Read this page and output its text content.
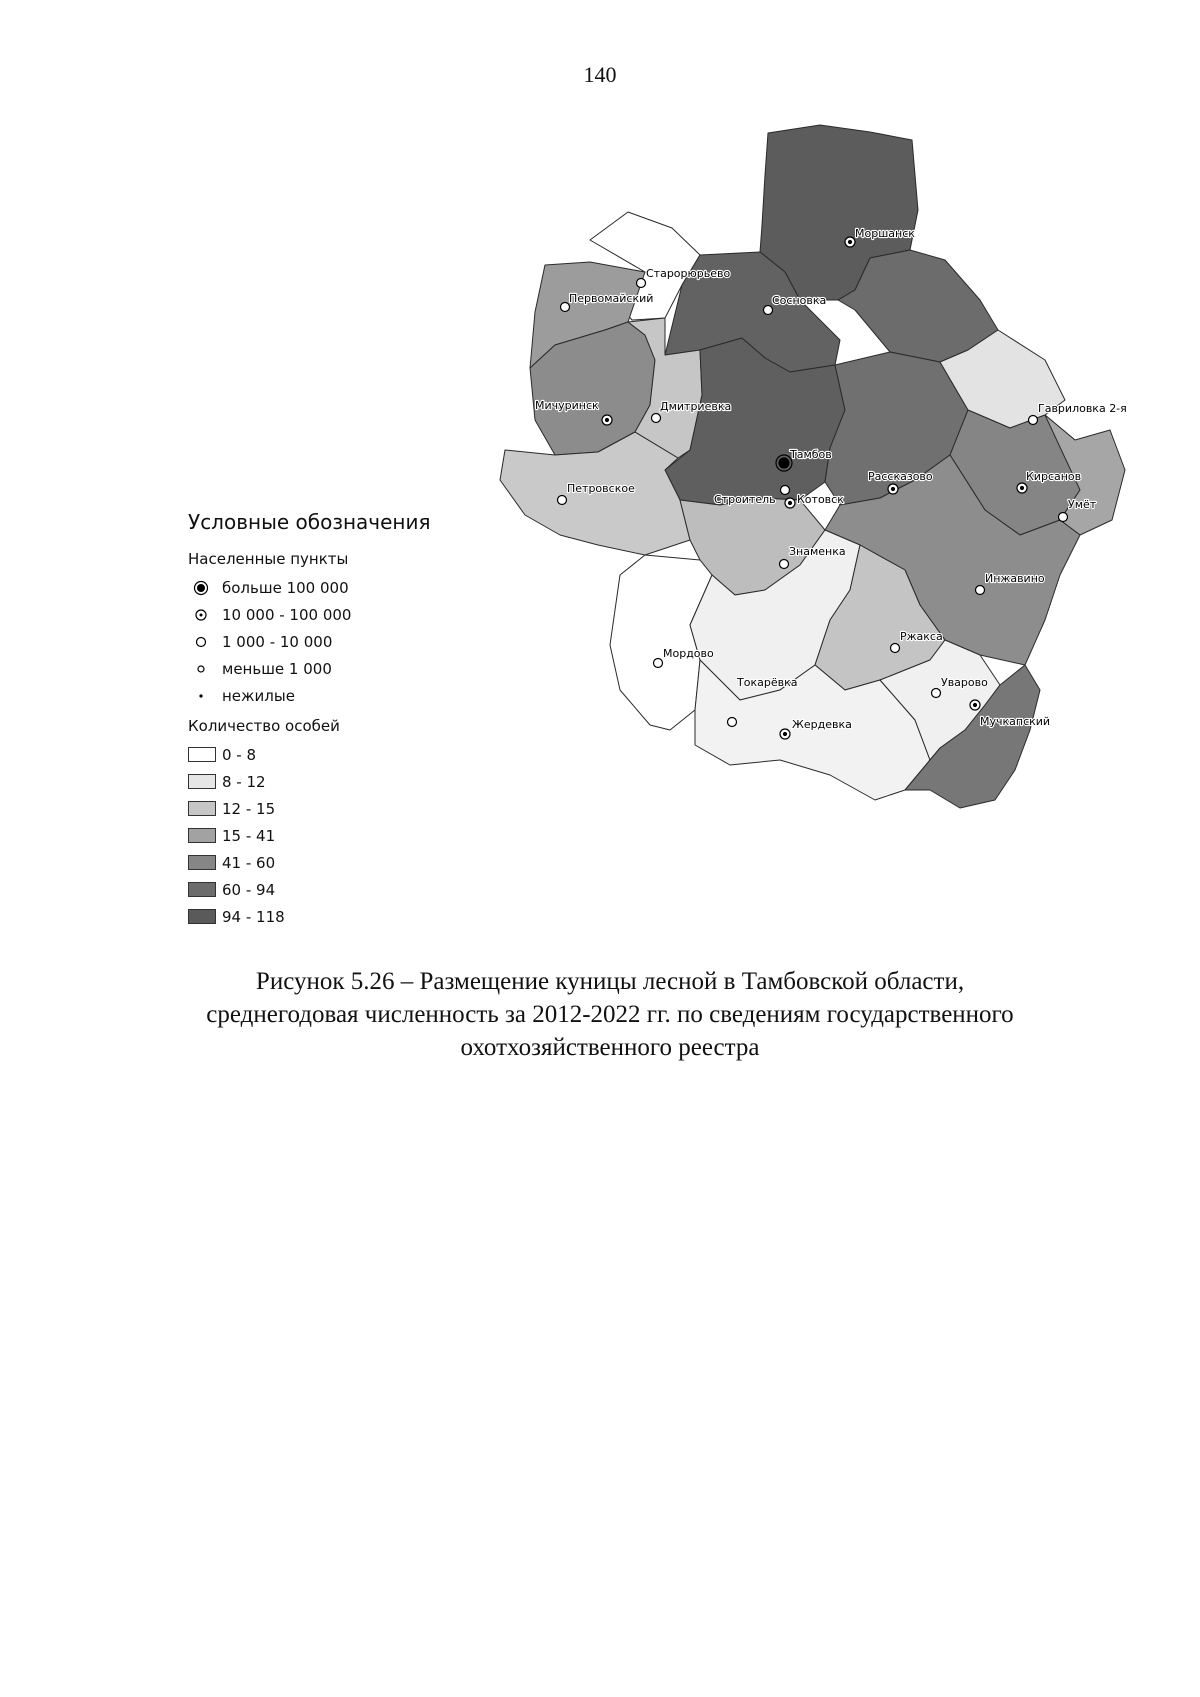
140
Моршанск
Старорюрьево
Первомайский	Сосновка
Мичуринск	Дмитриевка	Гавриловка 2-я
Тамбов
Петровское
Рассказово	Кирсанов
Строитель Котовск	Умёт
Знаменка
Инжавино
Ржакса
Мордово
Токарёвка	Уварово
Мучкапский
Жердевка
Условные обозначения
Населенные пункты
больше 100 000
10 000 - 100 000
1 000 - 10 000
меньше 1 000
нежилые
Количество особей
0 - 8
8 - 12
12 - 15
15 - 41
41 - 60
60 - 94
94 - 118
Рисунок 5.26 – Размещение куницы лесной в Тамбовской области,
среднегодовая численность за 2012-2022 гг. по сведениям государственного
охотхозяйственного реестра
